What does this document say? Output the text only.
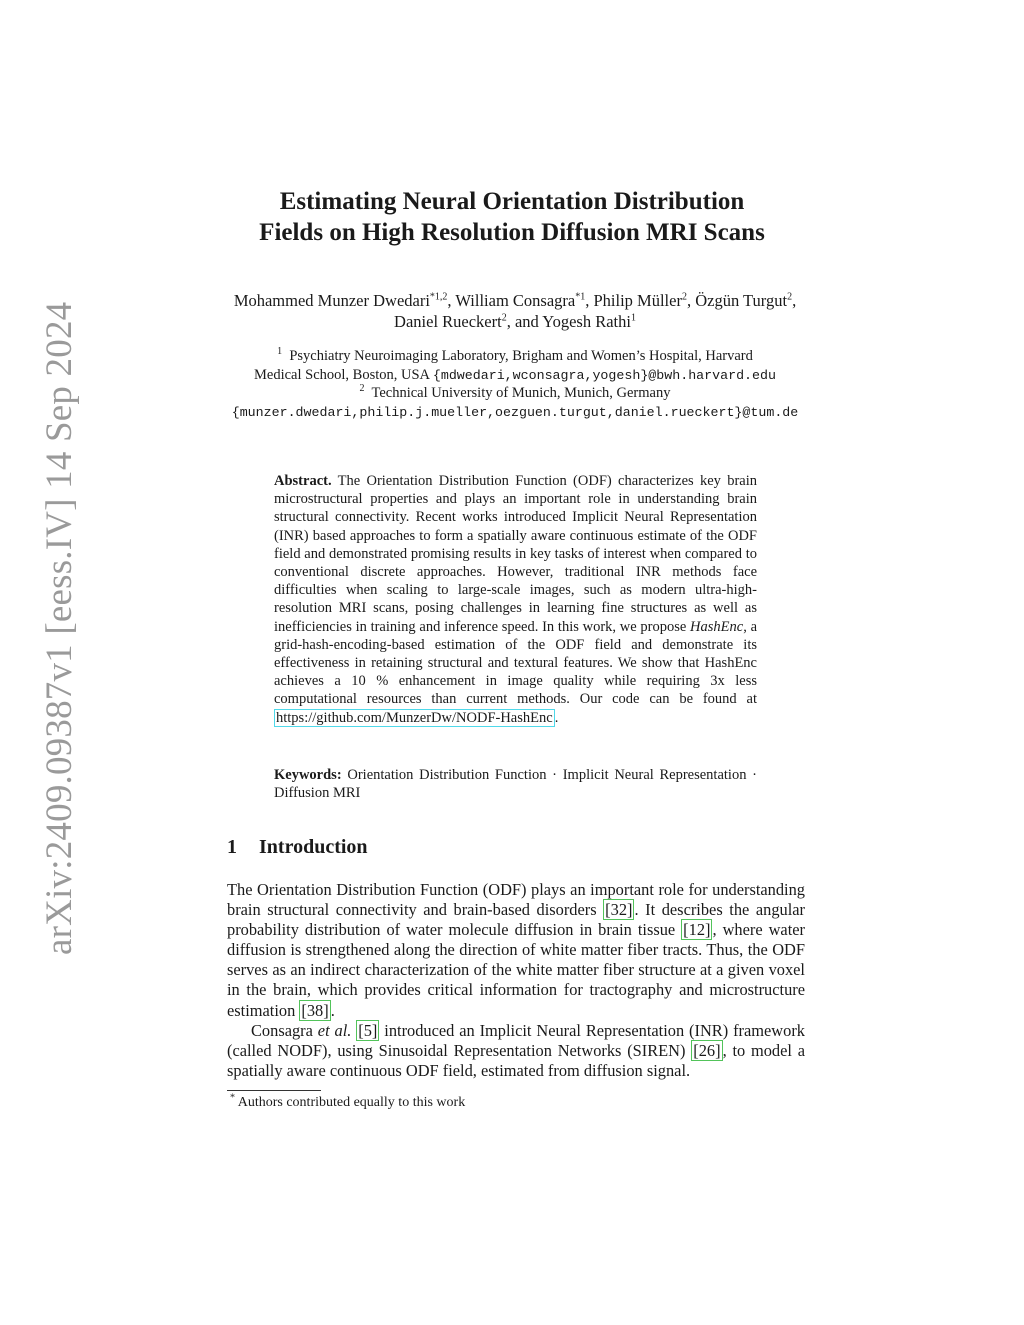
arXiv:2409.09387v1 [eess.IV] 14 Sep 2024
Estimating Neural Orientation Distribution
Fields on High Resolution Diffusion MRI Scans
Mohammed Munzer Dwedari$^{*1,2}$, William Consagra$^{*1}$, Philip Müller$^2$, Özgün Turgut$^2$, Daniel Rueckert$^2$, and Yogesh Rathi$^1$
$^1$ Psychiatry Neuroimaging Laboratory, Brigham and Women’s Hospital, Harvard
Medical School, Boston, USA {mdwedari,wconsagra,yogesh}@bwh.harvard.edu
$^2$ Technical University of Munich, Munich, Germany
{munzer.dwedari,philip.j.mueller,oezguen.turgut,daniel.rueckert}@tum.de

Abstract. The Orientation Distribution Function (ODF) characterizes key brain microstructural properties and plays an important role in understanding brain structural connectivity. Recent works introduced Implicit Neural Representation (INR) based approaches to form a spatially aware continuous estimate of the ODF field and demonstrated promising results in key tasks of interest when compared to conventional discrete approaches. However, traditional INR methods face difficulties when scaling to large-scale images, such as modern ultra-high-resolution MRI scans, posing challenges in learning fine structures as well as inefficiencies in training and inference speed. In this work, we propose HashEnc, a grid-hash-encoding-based estimation of the ODF field and demonstrate its effectiveness in retaining structural and textural features. We show that HashEnc achieves a 10 % enhancement in image quality while requiring 3x less computational resources than current methods. Our code can be found at https://github.com/MunzerDw/NODF-HashEnc .

Keywords: Orientation Distribution Function · Implicit Neural Representation · Diffusion MRI
1 Introduction

The Orientation Distribution Function (ODF) plays an important role for understanding brain structural connectivity and brain-based disorders [32] . It describes the angular probability distribution of water molecule diffusion in brain tissue [12] , where water diffusion is strengthened along the direction of white matter fiber tracts. Thus, the ODF serves as an indirect characterization of the white matter fiber structure at a given voxel in the brain, which provides critical information for tractography and microstructure estimation [38] .

Consagra et al. [5] introduced an Implicit Neural Representation (INR) framework (called NODF), using Sinusoidal Representation Networks (SIREN) [26] , to model a spatially aware continuous ODF field, estimated from diffusion signal.

* Authors contributed equally to this work
